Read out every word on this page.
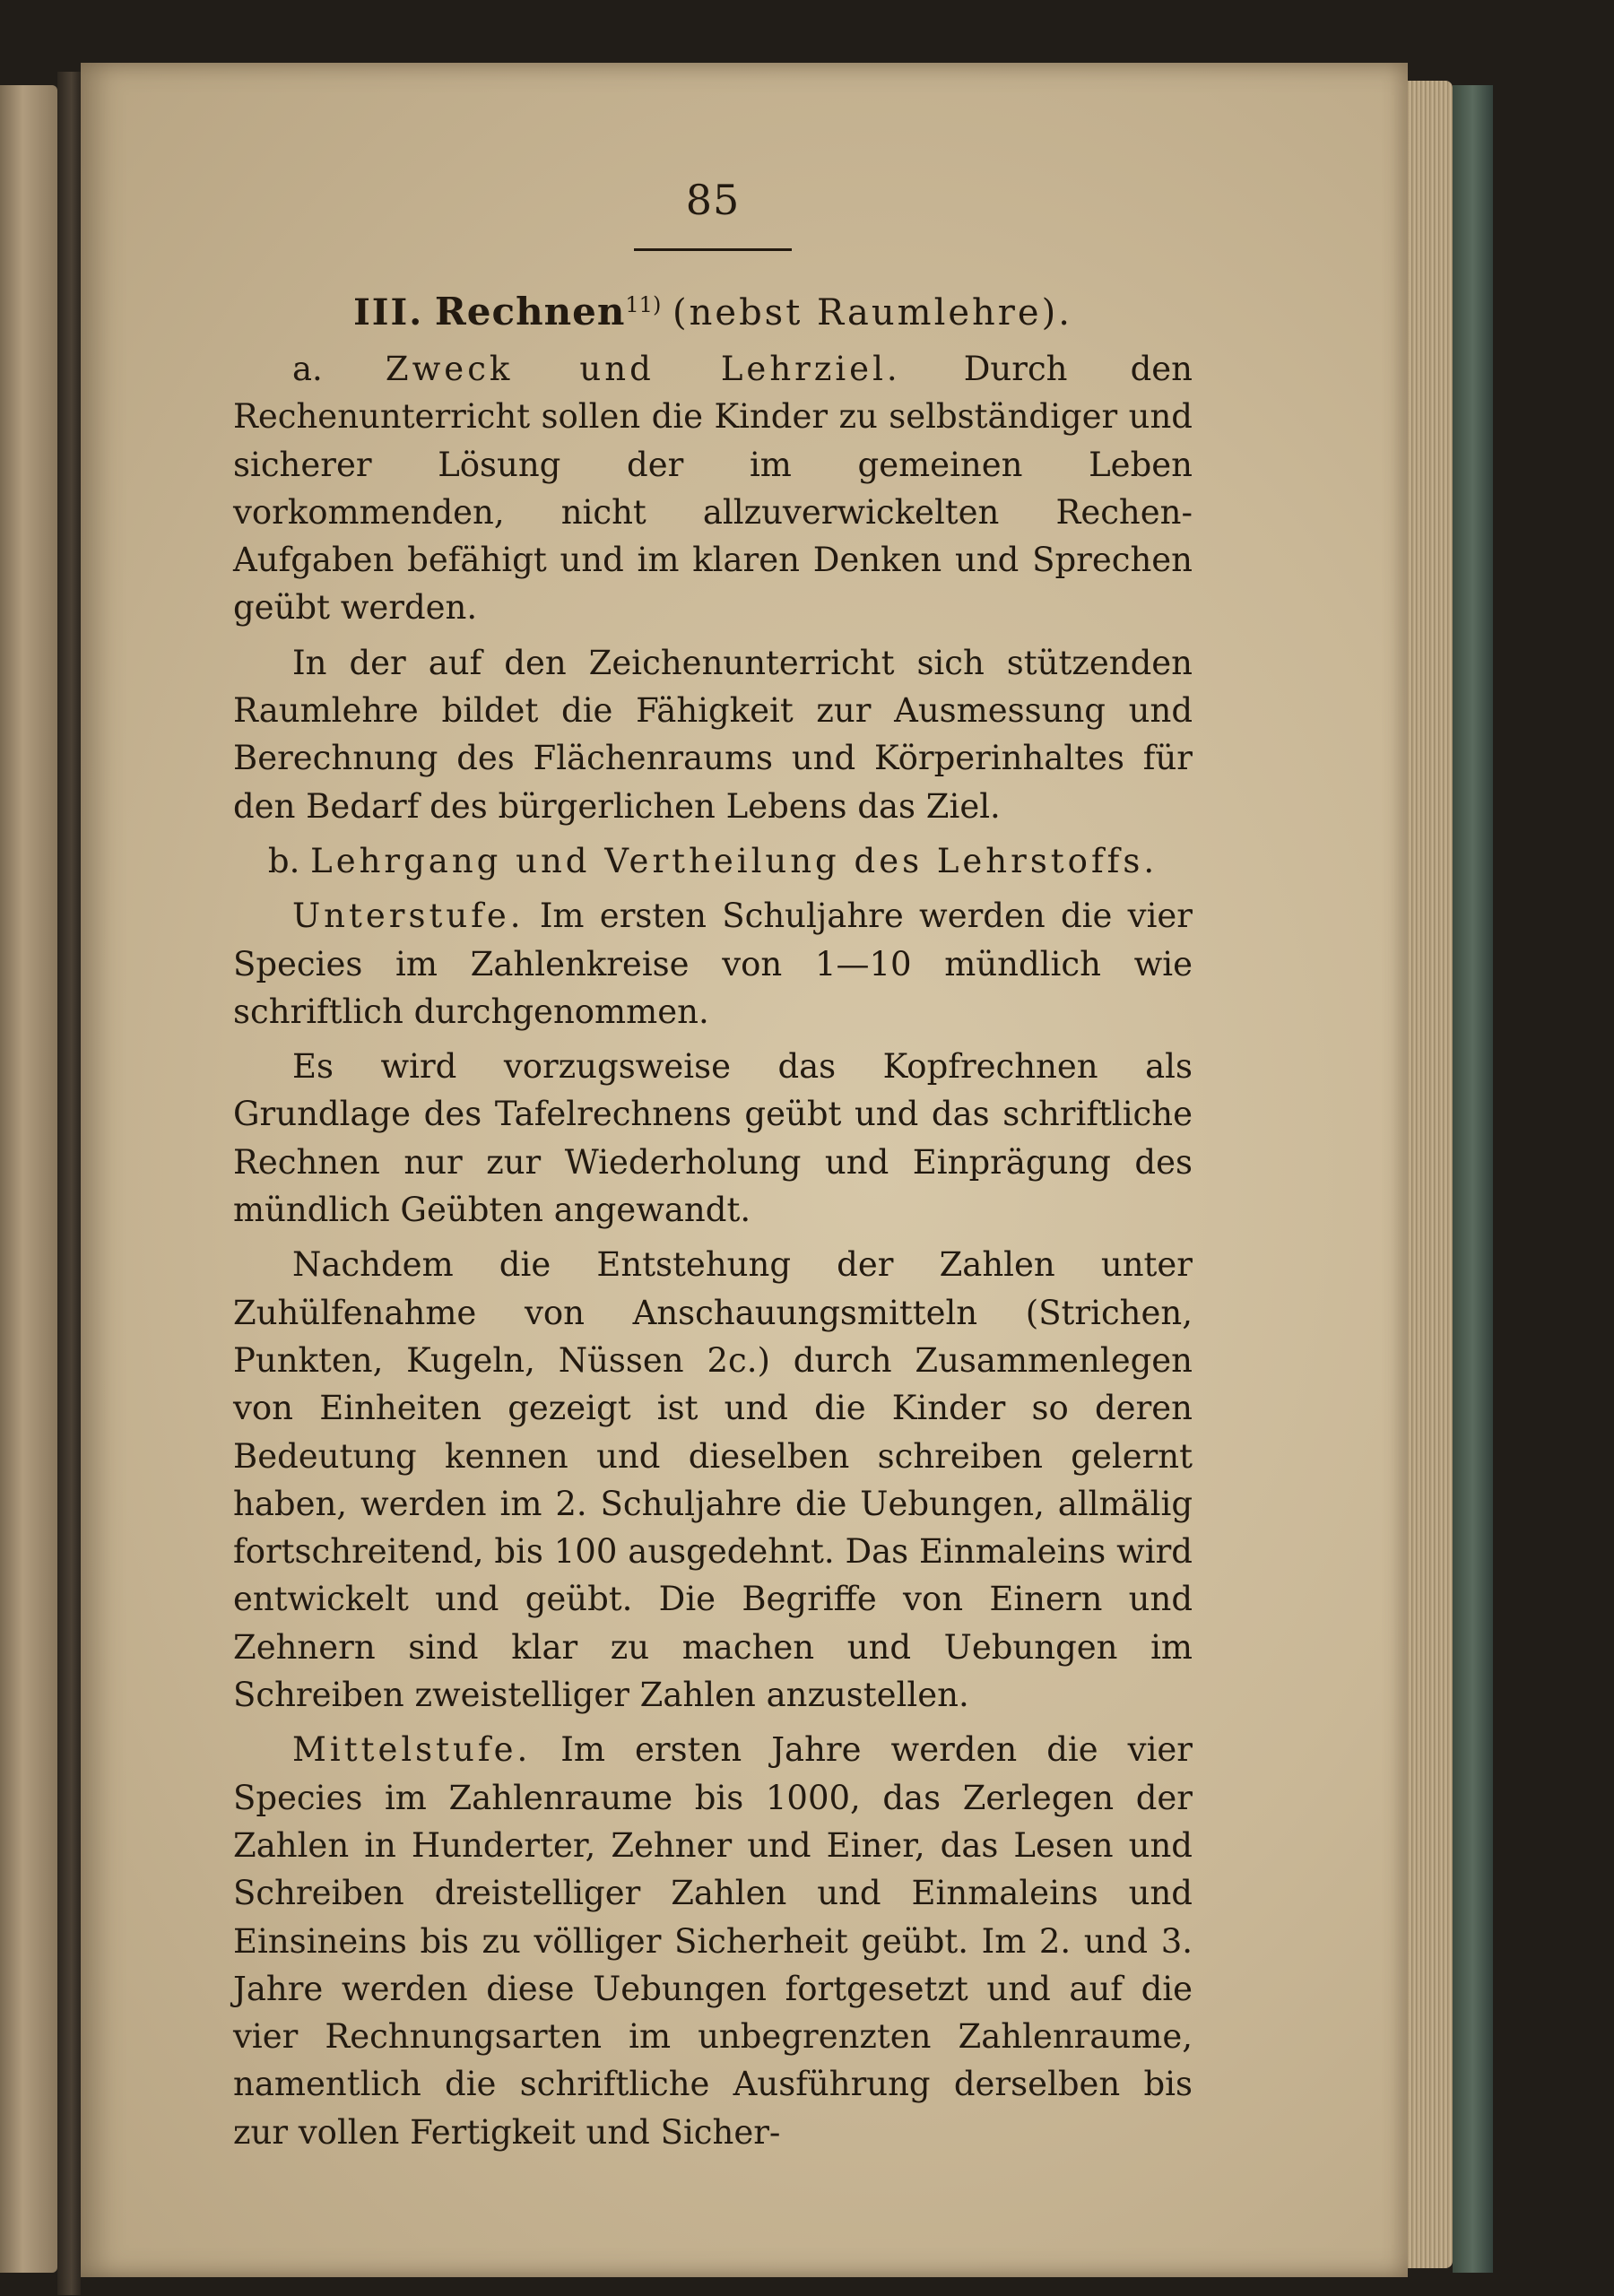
85
III. Rechnen$^{11)}$ (nebst Raumlehre).

a. Zweck und Lehrziel. Durch den Rechenunterricht sollen die Kinder zu selbständiger und sicherer Lösung der im gemeinen Leben vorkommenden, nicht allzuverwickelten Rechen-Aufgaben befähigt und im klaren Denken und Sprechen geübt werden.

In der auf den Zeichenunterricht sich stützenden Raumlehre bildet die Fähigkeit zur Ausmessung und Berechnung des Flächenraums und Körperinhaltes für den Bedarf des bürgerlichen Lebens das Ziel.

b. Lehrgang und Vertheilung des Lehrstoffs.

Unterstufe. Im ersten Schuljahre werden die vier Species im Zahlenkreise von 1—10 mündlich wie schriftlich durchgenommen.

Es wird vorzugsweise das Kopfrechnen als Grundlage des Tafelrechnens geübt und das schriftliche Rechnen nur zur Wiederholung und Einprägung des mündlich Geübten angewandt.

Nachdem die Entstehung der Zahlen unter Zuhülfenahme von Anschauungsmitteln (Strichen, Punkten, Kugeln, Nüssen 2c.) durch Zusammenlegen von Einheiten gezeigt ist und die Kinder so deren Bedeutung kennen und dieselben schreiben gelernt haben, werden im 2. Schuljahre die Uebungen, allmälig fortschreitend, bis 100 ausgedehnt. Das Einmaleins wird entwickelt und geübt. Die Begriffe von Einern und Zehnern sind klar zu machen und Uebungen im Schreiben zweistelliger Zahlen anzustellen.

Mittelstufe. Im ersten Jahre werden die vier Species im Zahlenraume bis 1000, das Zerlegen der Zahlen in Hunderter, Zehner und Einer, das Lesen und Schreiben dreistelliger Zahlen und Einmaleins und Einsineins bis zu völliger Sicherheit geübt. Im 2. und 3. Jahre werden diese Uebungen fortgesetzt und auf die vier Rechnungsarten im unbegrenzten Zahlenraume, namentlich die schriftliche Ausführung derselben bis zur vollen Fertigkeit und Sicher-
